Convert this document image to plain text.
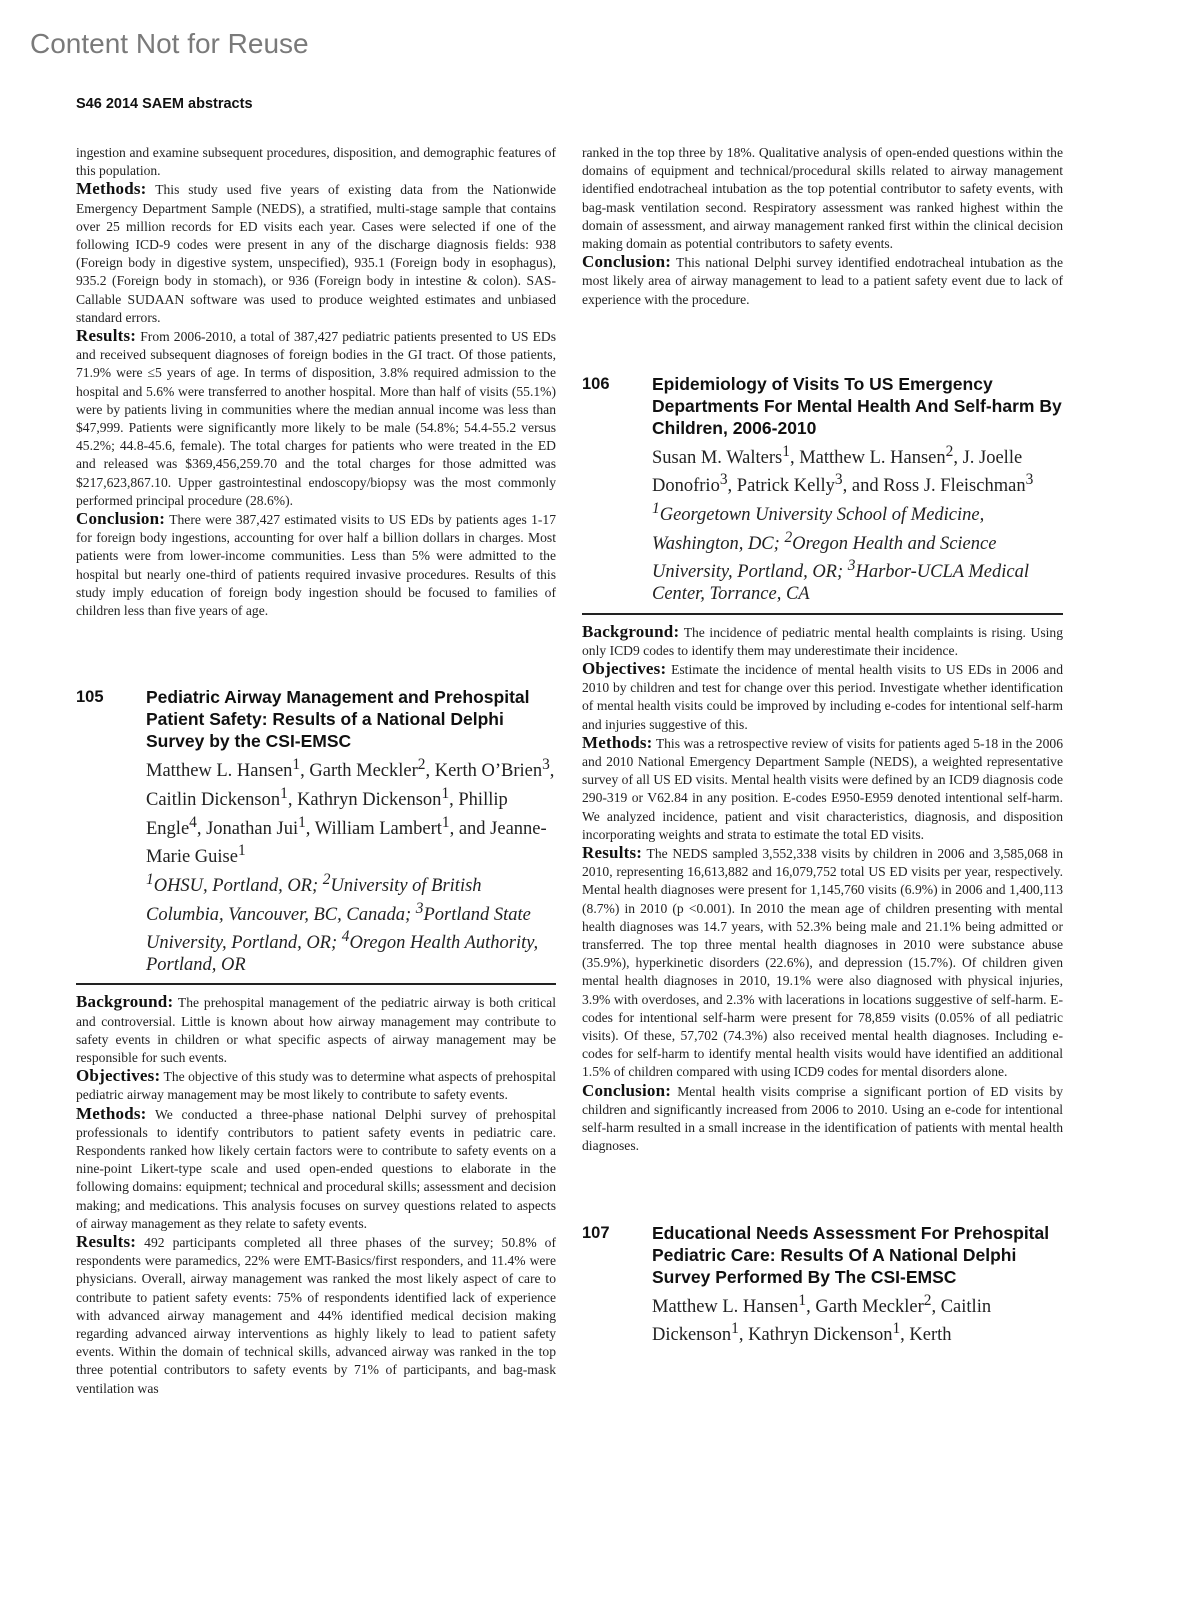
Content Not for Reuse
S46 2014 SAEM abstracts

ingestion and examine subsequent procedures, disposition, and demographic features of this population.

Methods: This study used five years of existing data from the Nationwide Emergency Department Sample (NEDS), a stratified, multi-stage sample that contains over 25 million records for ED visits each year. Cases were selected if one of the following ICD-9 codes were present in any of the discharge diagnosis fields: 938 (Foreign body in digestive system, unspecified), 935.1 (Foreign body in esophagus), 935.2 (Foreign body in stomach), or 936 (Foreign body in intestine & colon). SAS-Callable SUDAAN software was used to produce weighted estimates and unbiased standard errors.

Results: From 2006-2010, a total of 387,427 pediatric patients presented to US EDs and received subsequent diagnoses of foreign bodies in the GI tract. Of those patients, 71.9% were ≤5 years of age. In terms of disposition, 3.8% required admission to the hospital and 5.6% were transferred to another hospital. More than half of visits (55.1%) were by patients living in communities where the median annual income was less than $47,999. Patients were significantly more likely to be male (54.8%; 54.4-55.2 versus 45.2%; 44.8-45.6, female). The total charges for patients who were treated in the ED and released was $369,456,259.70 and the total charges for those admitted was $217,623,867.10. Upper gastrointestinal endoscopy/biopsy was the most commonly performed principal procedure (28.6%).

Conclusion: There were 387,427 estimated visits to US EDs by patients ages 1-17 for foreign body ingestions, accounting for over half a billion dollars in charges. Most patients were from lower-income communities. Less than 5% were admitted to the hospital but nearly one-third of patients required invasive procedures. Results of this study imply education of foreign body ingestion should be focused to families of children less than five years of age.

105	Pediatric Airway Management and Prehospital Patient Safety: Results of a National Delphi Survey by the CSI-EMSC
Matthew L. Hansen$^1$, Garth Meckler$^2$, Kerth O’Brien$^3$, Caitlin Dickenson$^1$, Kathryn Dickenson$^1$, Phillip Engle$^4$, Jonathan Jui$^1$, William Lambert$^1$, and Jeanne-Marie Guise$^1$
$^1$OHSU, Portland, OR; $^2$University of British Columbia, Vancouver, BC, Canada; $^3$Portland State University, Portland, OR; $^4$Oregon Health Authority, Portland, OR

Background: The prehospital management of the pediatric airway is both critical and controversial. Little is known about how airway management may contribute to safety events in children or what specific aspects of airway management may be responsible for such events.

Objectives: The objective of this study was to determine what aspects of prehospital pediatric airway management may be most likely to contribute to safety events.

Methods: We conducted a three-phase national Delphi survey of prehospital professionals to identify contributors to patient safety events in pediatric care. Respondents ranked how likely certain factors were to contribute to safety events on a nine-point Likert-type scale and used open-ended questions to elaborate in the following domains: equipment; technical and procedural skills; assessment and decision making; and medications. This analysis focuses on survey questions related to aspects of airway management as they relate to safety events.

Results: 492 participants completed all three phases of the survey; 50.8% of respondents were paramedics, 22% were EMT-Basics/first responders, and 11.4% were physicians. Overall, airway management was ranked the most likely aspect of care to contribute to patient safety events: 75% of respondents identified lack of experience with advanced airway management and 44% identified medical decision making regarding advanced airway interventions as highly likely to lead to patient safety events. Within the domain of technical skills, advanced airway was ranked in the top three potential contributors to safety events by 71% of participants, and bag-mask ventilation was

ranked in the top three by 18%. Qualitative analysis of open-ended questions within the domains of equipment and technical/procedural skills related to airway management identified endotracheal intubation as the top potential contributor to safety events, with bag-mask ventilation second. Respiratory assessment was ranked highest within the domain of assessment, and airway management ranked first within the clinical decision making domain as potential contributors to safety events.

Conclusion: This national Delphi survey identified endotracheal intubation as the most likely area of airway management to lead to a patient safety event due to lack of experience with the procedure.

106	Epidemiology of Visits To US Emergency Departments For Mental Health And Self-harm By Children, 2006-2010
Susan M. Walters$^1$, Matthew L. Hansen$^2$, J. Joelle Donofrio$^3$, Patrick Kelly$^3$, and Ross J. Fleischman$^3$
$^1$Georgetown University School of Medicine, Washington, DC; $^2$Oregon Health and Science University, Portland, OR; $^3$Harbor-UCLA Medical Center, Torrance, CA

Background: The incidence of pediatric mental health complaints is rising. Using only ICD9 codes to identify them may underestimate their incidence.

Objectives: Estimate the incidence of mental health visits to US EDs in 2006 and 2010 by children and test for change over this period. Investigate whether identification of mental health visits could be improved by including e-codes for intentional self-harm and injuries suggestive of this.

Methods: This was a retrospective review of visits for patients aged 5-18 in the 2006 and 2010 National Emergency Department Sample (NEDS), a weighted representative survey of all US ED visits. Mental health visits were defined by an ICD9 diagnosis code 290-319 or V62.84 in any position. E-codes E950-E959 denoted intentional self-harm. We analyzed incidence, patient and visit characteristics, diagnosis, and disposition incorporating weights and strata to estimate the total ED visits.

Results: The NEDS sampled 3,552,338 visits by children in 2006 and 3,585,068 in 2010, representing 16,613,882 and 16,079,752 total US ED visits per year, respectively. Mental health diagnoses were present for 1,145,760 visits (6.9%) in 2006 and 1,400,113 (8.7%) in 2010 (p <0.001). In 2010 the mean age of children presenting with mental health diagnoses was 14.7 years, with 52.3% being male and 21.1% being admitted or transferred. The top three mental health diagnoses in 2010 were substance abuse (35.9%), hyperkinetic disorders (22.6%), and depression (15.7%). Of children given mental health diagnoses in 2010, 19.1% were also diagnosed with physical injuries, 3.9% with overdoses, and 2.3% with lacerations in locations suggestive of self-harm. E-codes for intentional self-harm were present for 78,859 visits (0.05% of all pediatric visits). Of these, 57,702 (74.3%) also received mental health diagnoses. Including e-codes for self-harm to identify mental health visits would have identified an additional 1.5% of children compared with using ICD9 codes for mental disorders alone.

Conclusion: Mental health visits comprise a significant portion of ED visits by children and significantly increased from 2006 to 2010. Using an e-code for intentional self-harm resulted in a small increase in the identification of patients with mental health diagnoses.

107	Educational Needs Assessment For Prehospital Pediatric Care: Results Of A National Delphi Survey Performed By The CSI-EMSC
Matthew L. Hansen$^1$, Garth Meckler$^2$, Caitlin Dickenson$^1$, Kathryn Dickenson$^1$, Kerth
